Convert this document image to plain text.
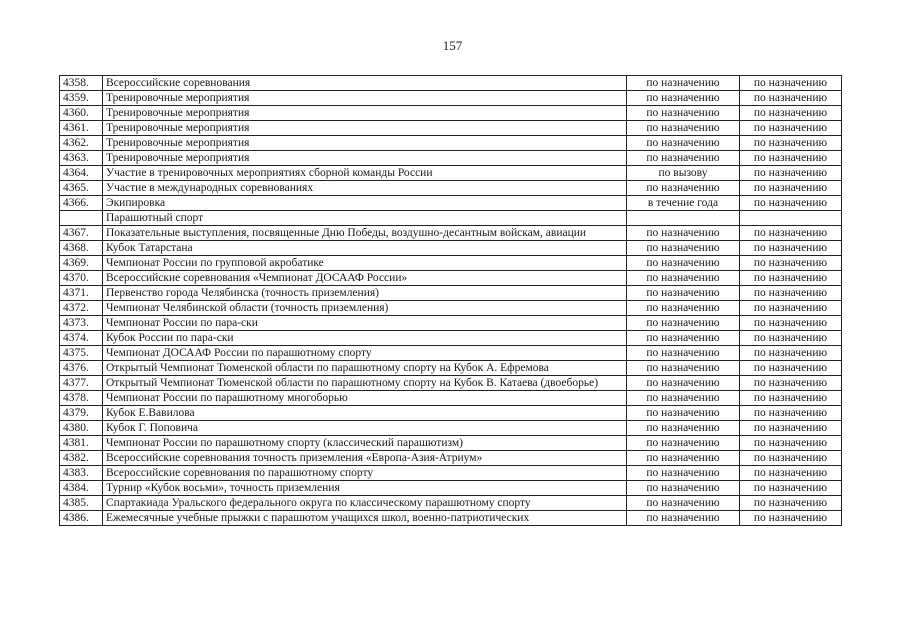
157
4358.	Всероссийские соревнования	по назначению	по назначению
4359.	Тренировочные мероприятия	по назначению	по назначению
4360.	Тренировочные мероприятия	по назначению	по назначению
4361.	Тренировочные мероприятия	по назначению	по назначению
4362.	Тренировочные мероприятия	по назначению	по назначению
4363.	Тренировочные мероприятия	по назначению	по назначению
4364.	Участие в тренировочных мероприятиях сборной команды России	по вызову	по назначению
4365.	Участие в международных соревнованиях	по назначению	по назначению
4366.	Экипировка	в течение года	по назначению
	Парашютный спорт		
4367.	Показательные выступления, посвященные Дню Победы, воздушно-десантным войскам, авиации	по назначению	по назначению
4368.	Кубок Татарстана	по назначению	по назначению
4369.	Чемпионат России по групповой акробатике	по назначению	по назначению
4370.	Всероссийские соревнования «Чемпионат ДОСААФ России»	по назначению	по назначению
4371.	Первенство города Челябинска (точность приземления)	по назначению	по назначению
4372.	Чемпионат Челябинской области (точность приземления)	по назначению	по назначению
4373.	Чемпионат России по пара-ски	по назначению	по назначению
4374.	Кубок России по пара-ски	по назначению	по назначению
4375.	Чемпионат ДОСААФ России по парашютному спорту	по назначению	по назначению
4376.	Открытый Чемпионат Тюменской области по парашютному спорту на Кубок А. Ефремова	по назначению	по назначению
4377.	Открытый Чемпионат Тюменской области по парашютному спорту на Кубок В. Катаева (двоеборье)	по назначению	по назначению
4378.	Чемпионат России по парашютному многоборью	по назначению	по назначению
4379.	Кубок Е.Вавилова	по назначению	по назначению
4380.	Кубок Г. Поповича	по назначению	по назначению
4381.	Чемпионат России по парашютному спорту (классический парашютизм)	по назначению	по назначению
4382.	Всероссийские соревнования точность приземления «Европа-Азия-Атриум»	по назначению	по назначению
4383.	Всероссийские соревнования по парашютному спорту	по назначению	по назначению
4384.	Турнир «Кубок восьми», точность приземления	по назначению	по назначению
4385.	Спартакиада Уральского федерального округа по классическому парашютному спорту	по назначению	по назначению
4386.	Ежемесячные учебные прыжки с парашютом учащихся школ, военно-патриотических	по назначению	по назначению
